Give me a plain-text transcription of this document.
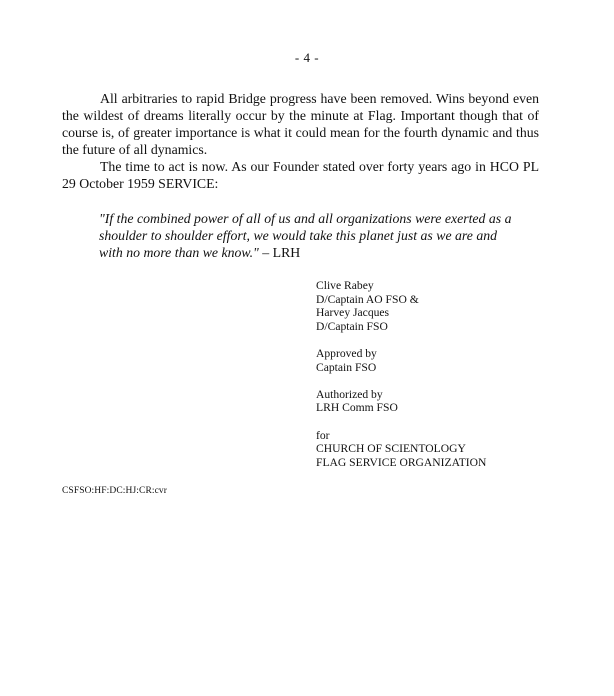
- 4 -

All arbitraries to rapid Bridge progress have been removed. Wins beyond even the wildest of dreams literally occur by the minute at Flag. Important though that of course is, of greater importance is what it could mean for the fourth dynamic and thus the future of all dynamics.

The time to act is now. As our Founder stated over forty years ago in HCO PL 29 October 1959 SERVICE:

"If the combined power of all of us and all organizations were exerted as a shoulder to shoulder effort, we would take this planet just as we are and with no more than we know." – LRH
Clive Rabey
D/Captain AO FSO &
Harvey Jacques
D/Captain FSO
Approved by
Captain FSO
Authorized by
LRH Comm FSO
for
CHURCH OF SCIENTOLOGY
FLAG SERVICE ORGANIZATION
CSFSO:HF:DC:HJ:CR:cvr
